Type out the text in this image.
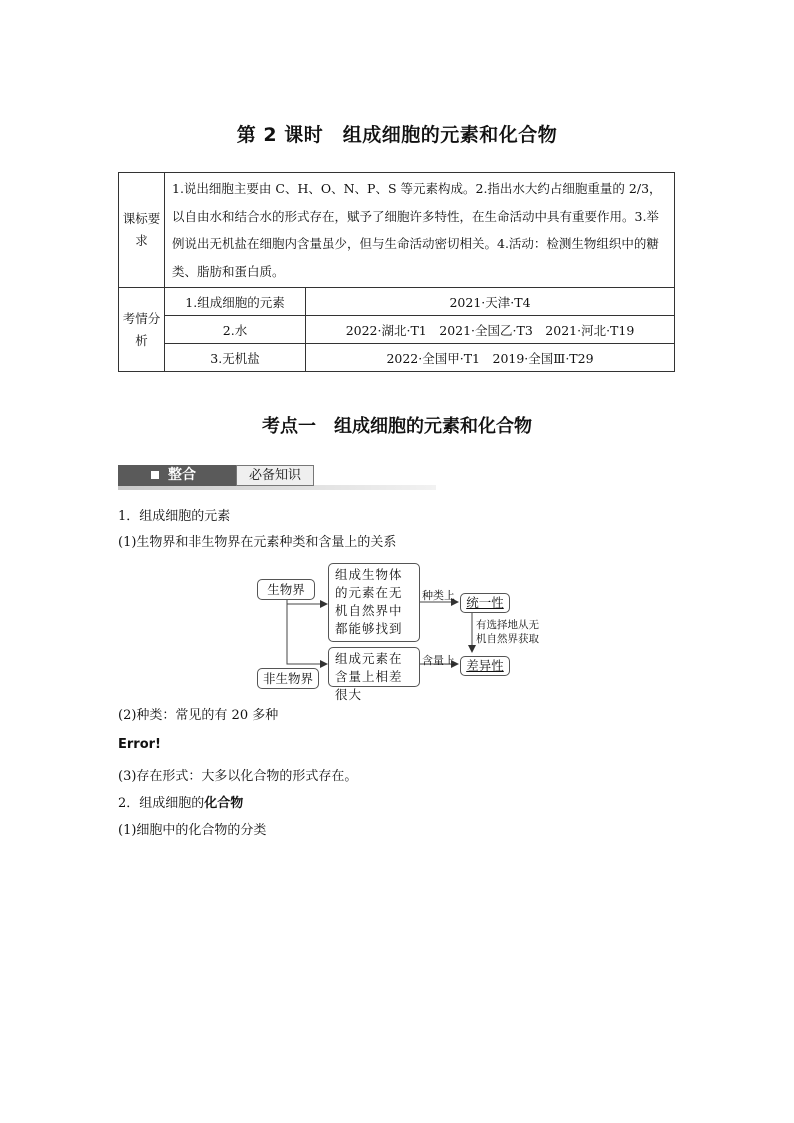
第 2 课时　组成细胞的元素和化合物
课标要求	1.说出细胞主要由 C、H、O、N、P、S 等元素构成。2.指出水大约占细胞重量的 2/3，以自由水和结合水的形式存在，赋予了细胞许多特性，在生命活动中具有重要作用。3.举例说出无机盐在细胞内含量虽少，但与生命活动密切相关。4.活动：检测生物组织中的糖类、脂肪和蛋白质。	
考情分析	1.组成细胞的元素	2021·天津·T4
	2.水	2022·湖北·T1　2021·全国乙·T3　2021·河北·T19
	3.无机盐	2022·全国甲·T1　2019·全国Ⅲ·T29
考点一　组成细胞的元素和化合物
整合	必备知识
1．组成细胞的元素
(1)生物界和非生物界在元素种类和含量上的关系
生物界
非生物界
组成生物体的元素在无机自然界中都能够找到
组成元素在含量上相差很大
种类上
含量上
统一性
差异性
有选择地从无机自然界获取
(2)种类：常见的有 20 多种
Error!
(3)存在形式：大多以化合物的形式存在。
2．组成细胞的化合物
(1)细胞中的化合物的分类
